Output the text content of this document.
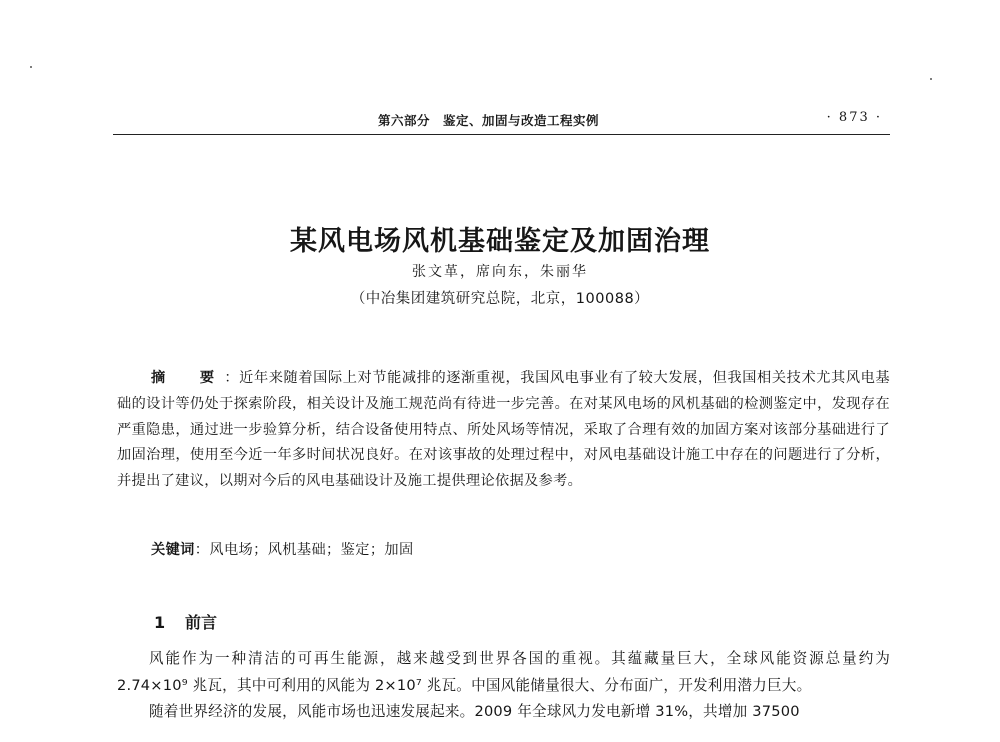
第六部分　鉴定、加固与改造工程实例	· 873 ·
某风电场风机基础鉴定及加固治理
张文革，席向东，朱丽华
（中冶集团建筑研究总院，北京，100088）
摘　要：近年来随着国际上对节能减排的逐渐重视，我国风电事业有了较大发展，但我国相关技术尤其风电基础的设计等仍处于探索阶段，相关设计及施工规范尚有待进一步完善。在对某风电场的风机基础的检测鉴定中，发现存在严重隐患，通过进一步验算分析，结合设备使用特点、所处风场等情况，采取了合理有效的加固方案对该部分基础进行了加固治理，使用至今近一年多时间状况良好。在对该事故的处理过程中，对风电基础设计施工中存在的问题进行了分析，并提出了建议，以期对今后的风电基础设计及施工提供理论依据及参考。
关键词：风电场；风机基础；鉴定；加固
1 前言

风能作为一种清洁的可再生能源，越来越受到世界各国的重视。其蕴藏量巨大，全球风能资源总量约为 2.74×10⁹ 兆瓦，其中可利用的风能为 2×10⁷ 兆瓦。中国风能储量很大、分布面广，开发利用潜力巨大。

随着世界经济的发展，风能市场也迅速发展起来。2009 年全球风力发电新增 31%，共增加 37500
